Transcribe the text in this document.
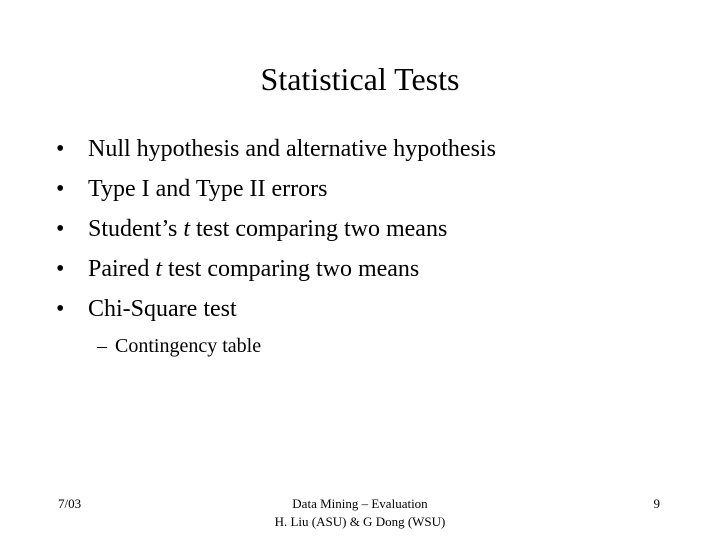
Statistical Tests
• Null hypothesis and alternative hypothesis
• Type I and Type II errors
• Student’s t test comparing two means
• Paired t test comparing two means
• Chi-Square test
– Contingency table
7/03	Data Mining – Evaluation
H. Liu (ASU) & G Dong (WSU)
9
